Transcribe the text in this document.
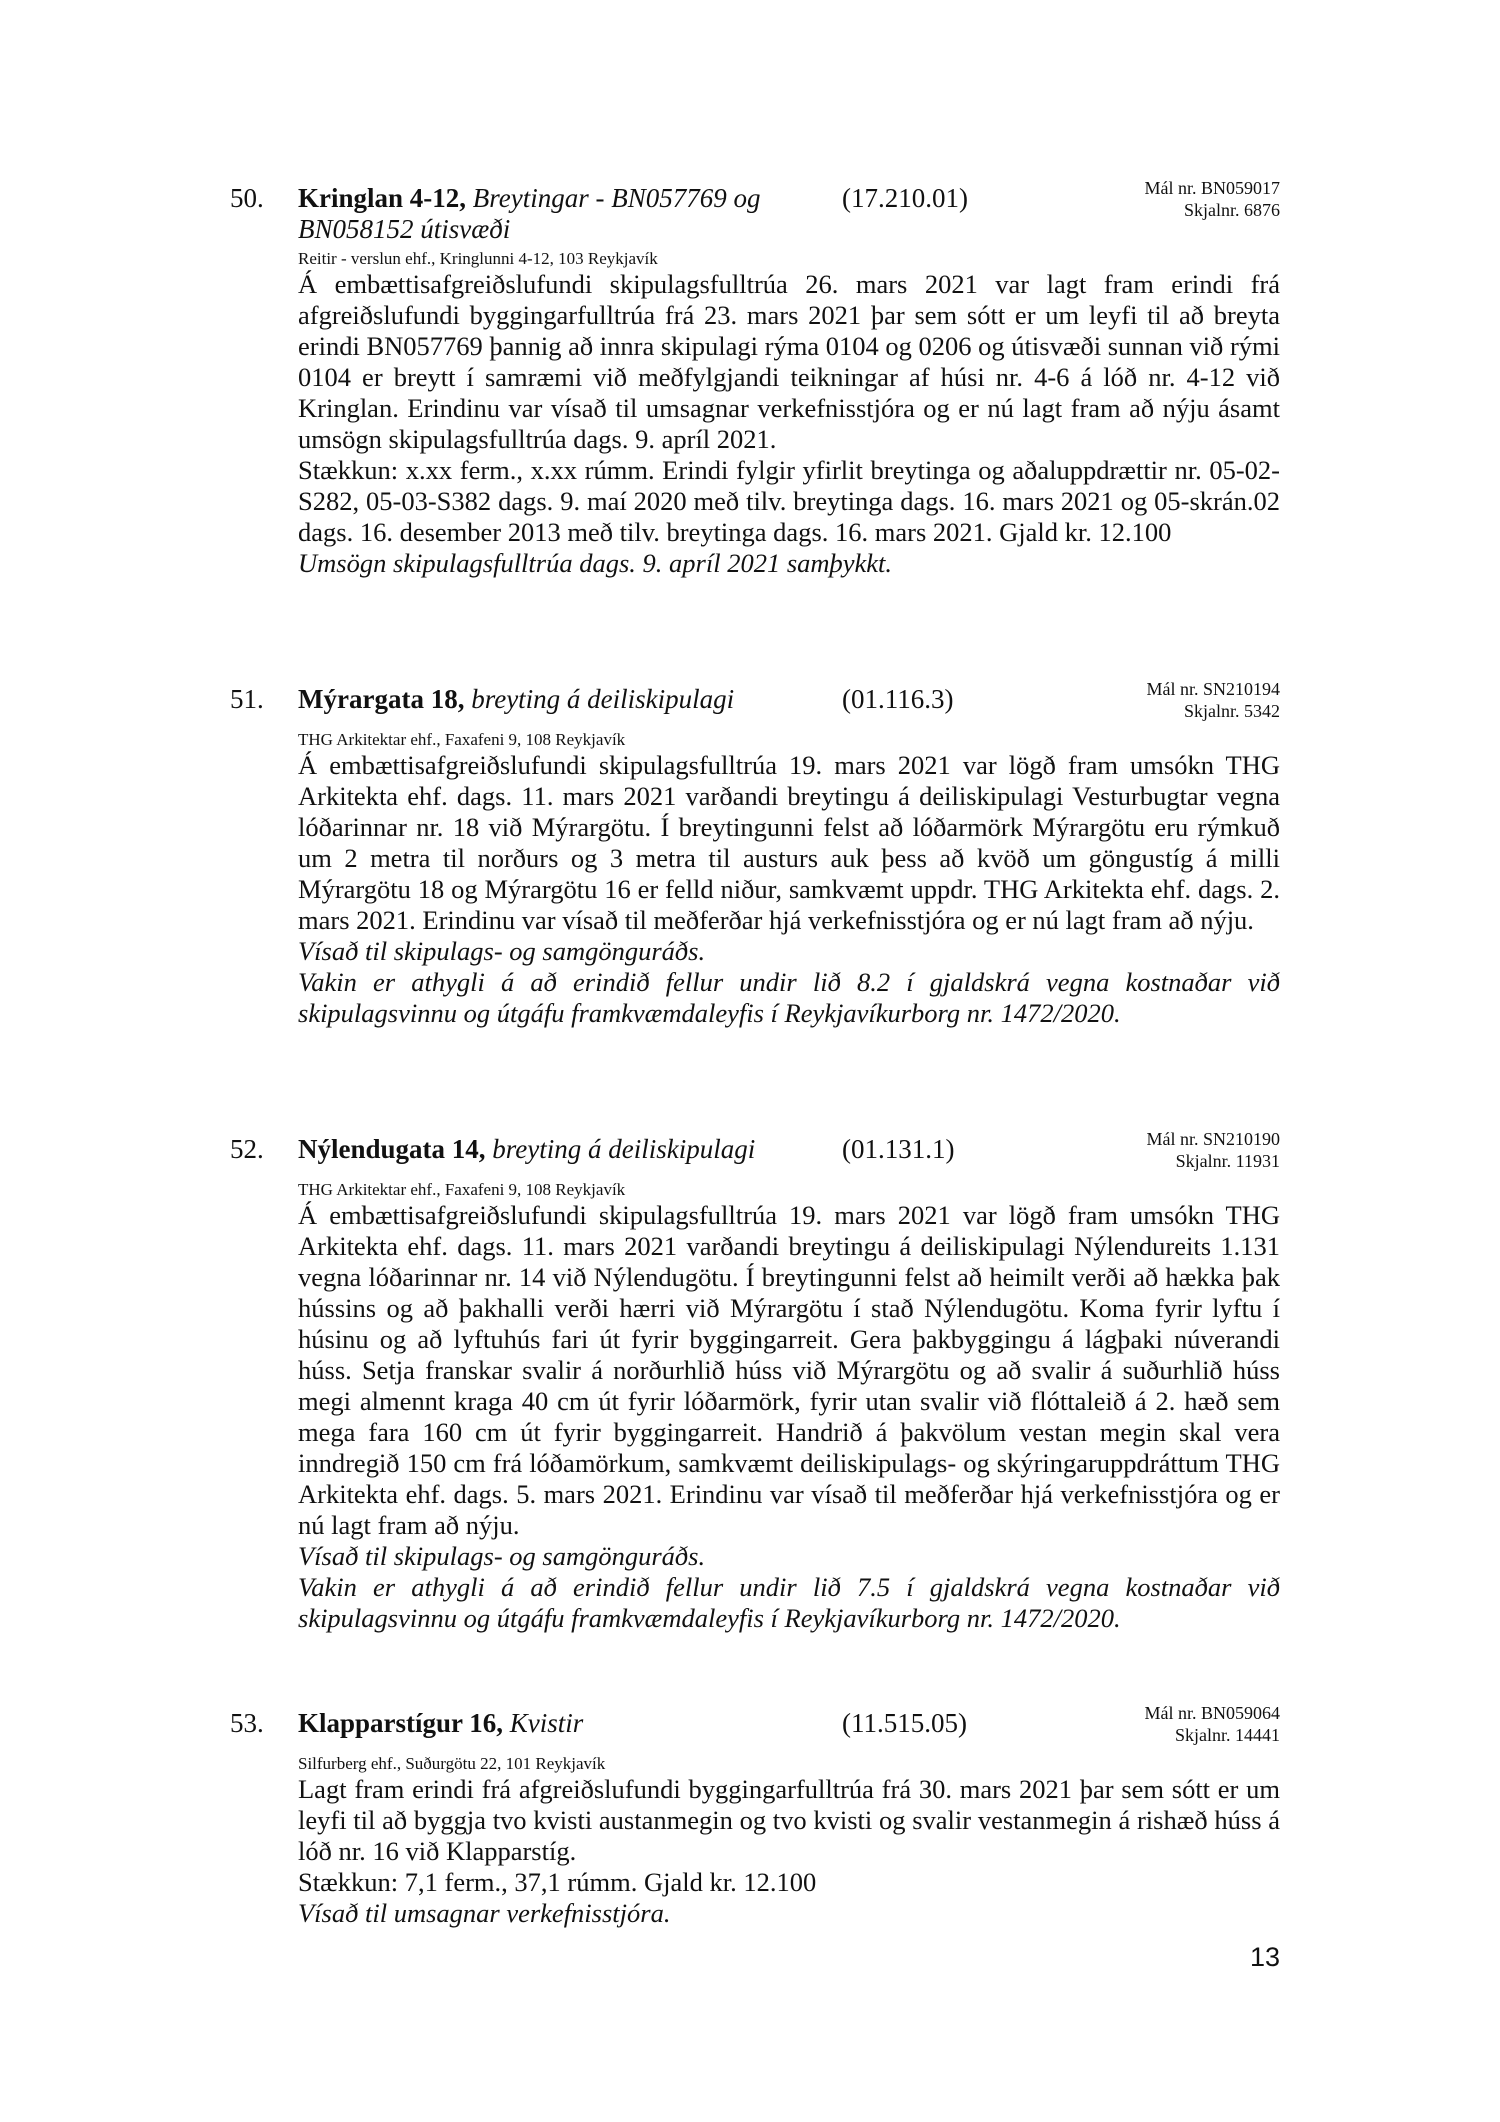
50. Kringlan 4-12, Breytingar - BN057769 og BN058152 útisvæði
(17.210.01)	Mál nr. BN059017
Skjalnr. 6876
Reitir - verslun ehf., Kringlunni 4-12, 103 Reykjavík

Á embættisafgreiðslufundi skipulagsfulltrúa 26. mars 2021 var lagt fram erindi frá afgreiðslufundi byggingarfulltrúa frá 23. mars 2021 þar sem sótt er um leyfi til að breyta erindi BN057769 þannig að innra skipulagi rýma 0104 og 0206 og útisvæði sunnan við rými 0104 er breytt í samræmi við meðfylgjandi teikningar af húsi nr. 4-6 á lóð nr. 4-12 við Kringlan. Erindinu var vísað til umsagnar verkefnisstjóra og er nú lagt fram að nýju ásamt umsögn skipulagsfulltrúa dags. 9. apríl 2021.

Stækkun: x.xx ferm., x.xx rúmm. Erindi fylgir yfirlit breytinga og aðaluppdrættir nr. 05-02-S282, 05-03-S382 dags. 9. maí 2020 með tilv. breytinga dags. 16. mars 2021 og 05-skrán.02 dags. 16. desember 2013 með tilv. breytinga dags. 16. mars 2021. Gjald kr. 12.100

Umsögn skipulagsfulltrúa dags. 9. apríl 2021 samþykkt.

51. Mýrargata 18, breyting á deiliskipulagi	(01.116.3)	Mál nr. SN210194
Skjalnr. 5342
THG Arkitektar ehf., Faxafeni 9, 108 Reykjavík

Á embættisafgreiðslufundi skipulagsfulltrúa 19. mars 2021 var lögð fram umsókn THG Arkitekta ehf. dags. 11. mars 2021 varðandi breytingu á deiliskipulagi Vesturbugtar vegna lóðarinnar nr. 18 við Mýrargötu. Í breytingunni felst að lóðarmörk Mýrargötu eru rýmkuð um 2 metra til norðurs og 3 metra til austurs auk þess að kvöð um göngustíg á milli Mýrargötu 18 og Mýrargötu 16 er felld niður, samkvæmt uppdr. THG Arkitekta ehf. dags. 2. mars 2021. Erindinu var vísað til meðferðar hjá verkefnisstjóra og er nú lagt fram að nýju.

Vísað til skipulags- og samgönguráðs.

Vakin er athygli á að erindið fellur undir lið 8.2 í gjaldskrá vegna kostnaðar við skipulagsvinnu og útgáfu framkvæmdaleyfis í Reykjavíkurborg nr. 1472/2020.

52. Nýlendugata 14, breyting á deiliskipulagi	(01.131.1)	Mál nr. SN210190
Skjalnr. 11931
THG Arkitektar ehf., Faxafeni 9, 108 Reykjavík

Á embættisafgreiðslufundi skipulagsfulltrúa 19. mars 2021 var lögð fram umsókn THG Arkitekta ehf. dags. 11. mars 2021 varðandi breytingu á deiliskipulagi Nýlendureits 1.131 vegna lóðarinnar nr. 14 við Nýlendugötu. Í breytingunni felst að heimilt verði að hækka þak hússins og að þakhalli verði hærri við Mýrargötu í stað Nýlendugötu. Koma fyrir lyftu í húsinu og að lyftuhús fari út fyrir byggingarreit. Gera þakbyggingu á lágþaki núverandi húss. Setja franskar svalir á norðurhlið húss við Mýrargötu og að svalir á suðurhlið húss megi almennt kraga 40 cm út fyrir lóðarmörk, fyrir utan svalir við flóttaleið á 2. hæð sem mega fara 160 cm út fyrir byggingarreit. Handrið á þakvölum vestan megin skal vera inndregið 150 cm frá lóðamörkum, samkvæmt deiliskipulags- og skýringaruppdráttum THG Arkitekta ehf. dags. 5. mars 2021. Erindinu var vísað til meðferðar hjá verkefnisstjóra og er nú lagt fram að nýju.

Vísað til skipulags- og samgönguráðs.

Vakin er athygli á að erindið fellur undir lið 7.5 í gjaldskrá vegna kostnaðar við skipulagsvinnu og útgáfu framkvæmdaleyfis í Reykjavíkurborg nr. 1472/2020.

53. Klapparstígur 16, Kvistir	(11.515.05)	Mál nr. BN059064
Skjalnr. 14441
Silfurberg ehf., Suðurgötu 22, 101 Reykjavík

Lagt fram erindi frá afgreiðslufundi byggingarfulltrúa frá 30. mars 2021 þar sem sótt er um leyfi til að byggja tvo kvisti austanmegin og tvo kvisti og svalir vestanmegin á rishæð húss á lóð nr. 16 við Klapparstíg.

Stækkun: 7,1 ferm., 37,1 rúmm. Gjald kr. 12.100

Vísað til umsagnar verkefnisstjóra.

13
